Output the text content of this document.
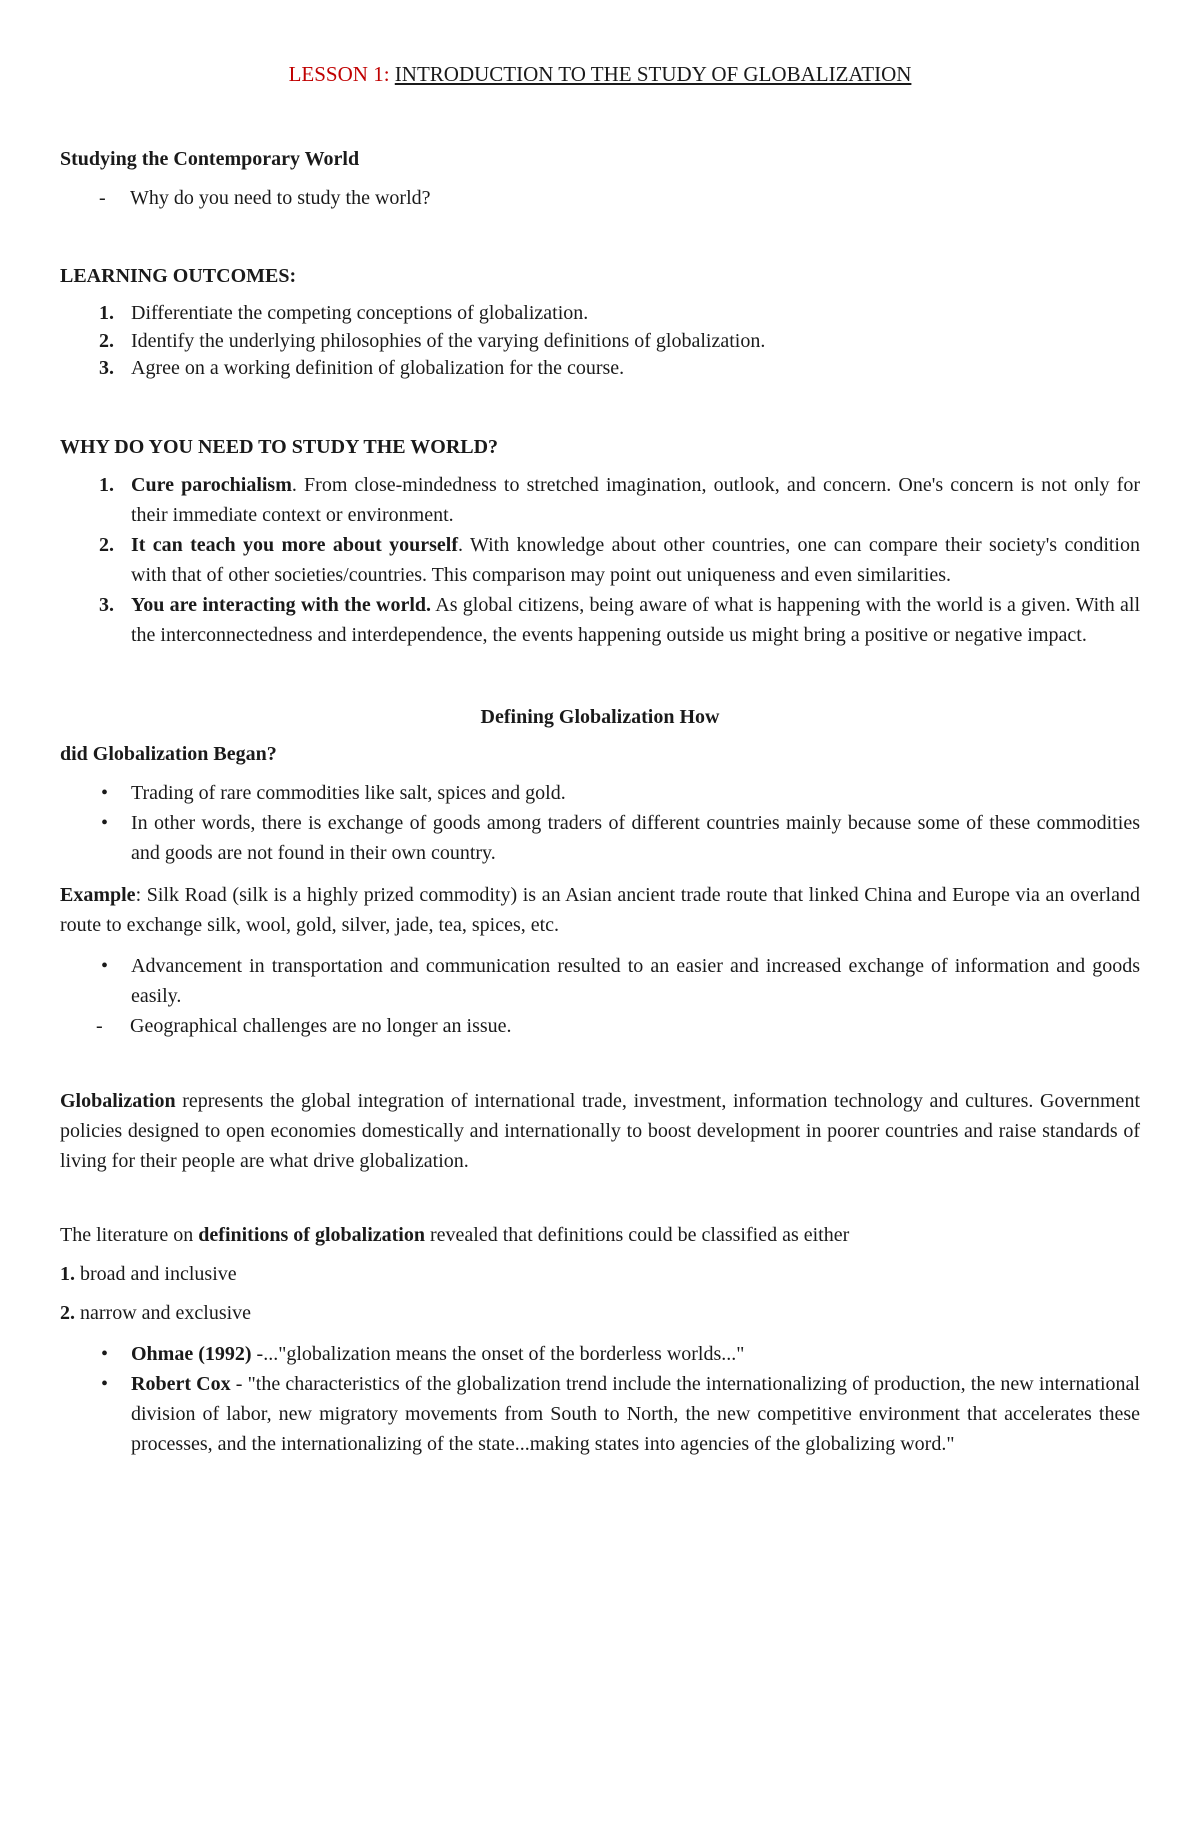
LESSON 1: INTRODUCTION TO THE STUDY OF GLOBALIZATION

Studying the Contemporary World

- Why do you need to study the world?

LEARNING OUTCOMES:

1. Differentiate the competing conceptions of globalization.

2. Identify the underlying philosophies of the varying definitions of globalization.

3. Agree on a working definition of globalization for the course.

WHY DO YOU NEED TO STUDY THE WORLD?

1. Cure parochialism. From close-mindedness to stretched imagination, outlook, and concern. One's concern is not only for their immediate context or environment.

2. It can teach you more about yourself. With knowledge about other countries, one can compare their society's condition with that of other societies/countries. This comparison may point out uniqueness and even similarities.

3. You are interacting with the world. As global citizens, being aware of what is happening with the world is a given. With all the interconnectedness and interdependence, the events happening outside us might bring a positive or negative impact.

Defining Globalization How

did Globalization Began?

• Trading of rare commodities like salt, spices and gold.

• In other words, there is exchange of goods among traders of different countries mainly because some of these commodities and goods are not found in their own country.

Example: Silk Road (silk is a highly prized commodity) is an Asian ancient trade route that linked China and Europe via an overland route to exchange silk, wool, gold, silver, jade, tea, spices, etc.

• Advancement in transportation and communication resulted to an easier and increased exchange of information and goods easily.

- Geographical challenges are no longer an issue.

Globalization represents the global integration of international trade, investment, information technology and cultures. Government policies designed to open economies domestically and internationally to boost development in poorer countries and raise standards of living for their people are what drive globalization.

The literature on definitions of globalization revealed that definitions could be classified as either

1. broad and inclusive

2. narrow and exclusive

• Ohmae (1992) -..."globalization means the onset of the borderless worlds..."

• Robert Cox - "the characteristics of the globalization trend include the internationalizing of production, the new international division of labor, new migratory movements from South to North, the new competitive environment that accelerates these processes, and the internationalizing of the state...making states into agencies of the globalizing word."
